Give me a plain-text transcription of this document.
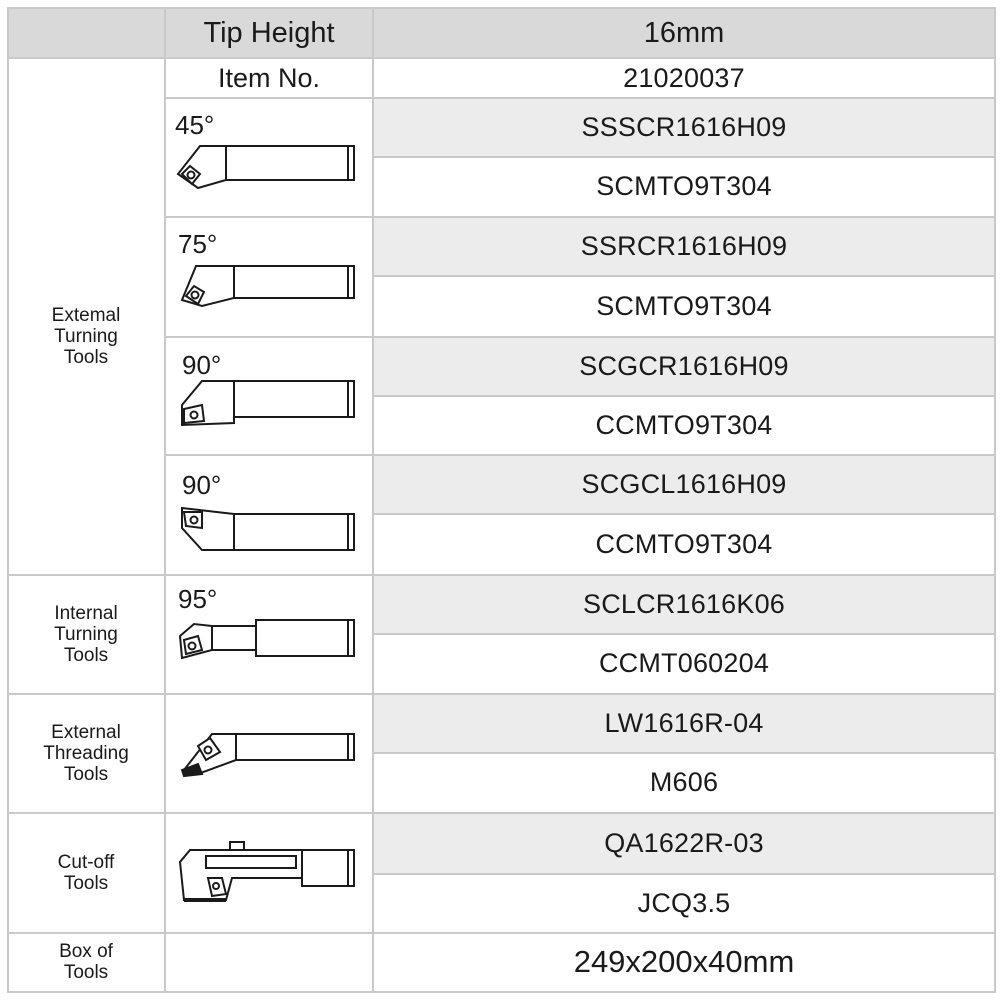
Tip Height	16mm
Item No.	21020037
SSSCR1616H09
SCMTO9T304
SSRCR1616H09
SCMTO9T304
SCGCR1616H09
CCMTO9T304
SCGCL1616H09
CCMTO9T304
SCLCR1616K06
CCMT060204
LW1616R-04
M606
QA1622R-03
JCQ3.5
249x200x40mm
Extemal
Turning
Tools
Internal
Turning
Tools
External
Threading
Tools
Cut-off
Tools
Box of
Tools
45°
75°
90°
90°
95°
